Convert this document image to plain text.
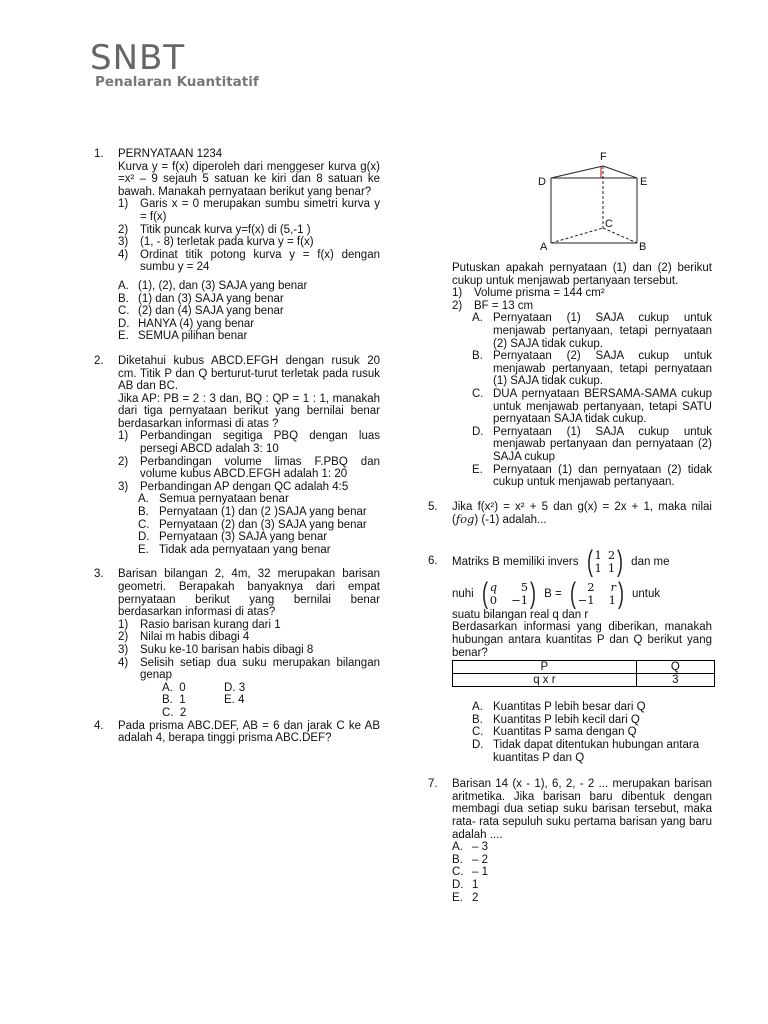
SNBT
Penalaran Kuantitatif
1. PERNYATAAN 1234
Kurva y = f(x) diperoleh dari menggeser kurva g(x) =x² – 9 sejauh 5 satuan ke kiri dan 8 satuan ke bawah. Manakah pernyataan berikut yang benar?
1) Garis x = 0 merupakan sumbu simetri kurva y = f(x)
2) Titik puncak kurva y=f(x) di (5,-1 )
3) (1, - 8) terletak pada kurva y = f(x)
4) Ordinat titik potong kurva y = f(x) dengan sumbu y = 24
A. (1), (2), dan (3) SAJA yang benar
B. (1) dan (3) SAJA yang benar
C. (2) dan (4) SAJA yang benar
D. HANYA (4) yang benar
E. SEMUA pilihan benar
2. Diketahui kubus ABCD.EFGH dengan rusuk 20 cm. Titik P dan Q berturut-turut terletak pada rusuk AB dan BC.
Jika AP: PB = 2 : 3 dan, BQ : QP = 1 : 1, manakah dari tiga pernyataan berikut yang bernilai benar berdasarkan informasi di atas ?
1) Perbandingan segitiga PBQ dengan luas persegi ABCD adalah 3: 10
2) Perbandingan volume limas F.PBQ dan volume kubus ABCD.EFGH adalah 1: 20
3) Perbandingan AP dengan QC adalah 4:5
A. Semua pernyataan benar
B. Pernyataan (1) dan (2 )SAJA yang benar
C. Pernyataan (2) dan (3) SAJA yang benar
D. Pernyataan (3) SAJA yang benar
E. Tidak ada pernyataan yang benar
3. Barisan bilangan 2, 4m, 32 merupakan barisan geometri. Berapakah banyaknya dari empat pernyataan berikut yang bernilai benar berdasarkan informasi di atas?
1) Rasio barisan kurang dari 1
2) Nilai m habis dibagi 4
3) Suku ke-10 barisan habis dibagi 8
4) Selisih setiap dua suku merupakan bilangan genap
A. 0	D. 3
B. 1	E. 4
C. 2
4. Pada prisma ABC.DEF, AB = 6 dan jarak C ke AB adalah 4, berapa tinggi prisma ABC.DEF?
F
D	E
C
A	B
Putuskan apakah pernyataan (1) dan (2) berikut cukup untuk menjawab pertanyaan tersebut.
1) Volume prisma = 144 cm²
2) BF = 13 cm
A. Pernyataan (1) SAJA cukup untuk menjawab pertanyaan, tetapi pernyataan (2) SAJA tidak cukup.
B. Pernyataan (2) SAJA cukup untuk menjawab pertanyaan, tetapi pernyataan (1) SAJA tidak cukup.
C. DUA pernyataan BERSAMA-SAMA cukup untuk menjawab pertanyaan, tetapi SATU pernyataan SAJA tidak cukup.
D. Pernyataan (1) SAJA cukup untuk menjawab pertanyaan dan pernyataan (2) SAJA cukup
E. Pernyataan (1) dan pernyataan (2) tidak cukup untuk menjawab pertanyaan.
5. Jika f(x²) = x² + 5 dan g(x) = 2x + 1, maka nilai (fog) (-1) adalah...
6. Matriks B memiliki invers ( 1 2
1 1 ) dan me
nuhi ( q	5
0 −1 ) B = (	2 r
−1 1 ) untuk
suatu bilangan real q dan r
Berdasarkan informasi yang diberikan, manakah hubungan antara kuantitas P dan Q berikut yang benar?
P	Q
q x r	3
A. Kuantitas P lebih besar dari Q
B. Kuantitas P lebih kecil dari Q
C. Kuantitas P sama dengan Q
D. Tidak dapat ditentukan hubungan antara kuantitas P dan Q
7. Barisan 14 (x - 1), 6, 2, - 2 ... merupakan barisan aritmetika. Jika barisan baru dibentuk dengan membagi dua setiap suku barisan tersebut, maka rata- rata sepuluh suku pertama barisan yang baru adalah ....
A. – 3
B. – 2
C. – 1
D. 1
E. 2
